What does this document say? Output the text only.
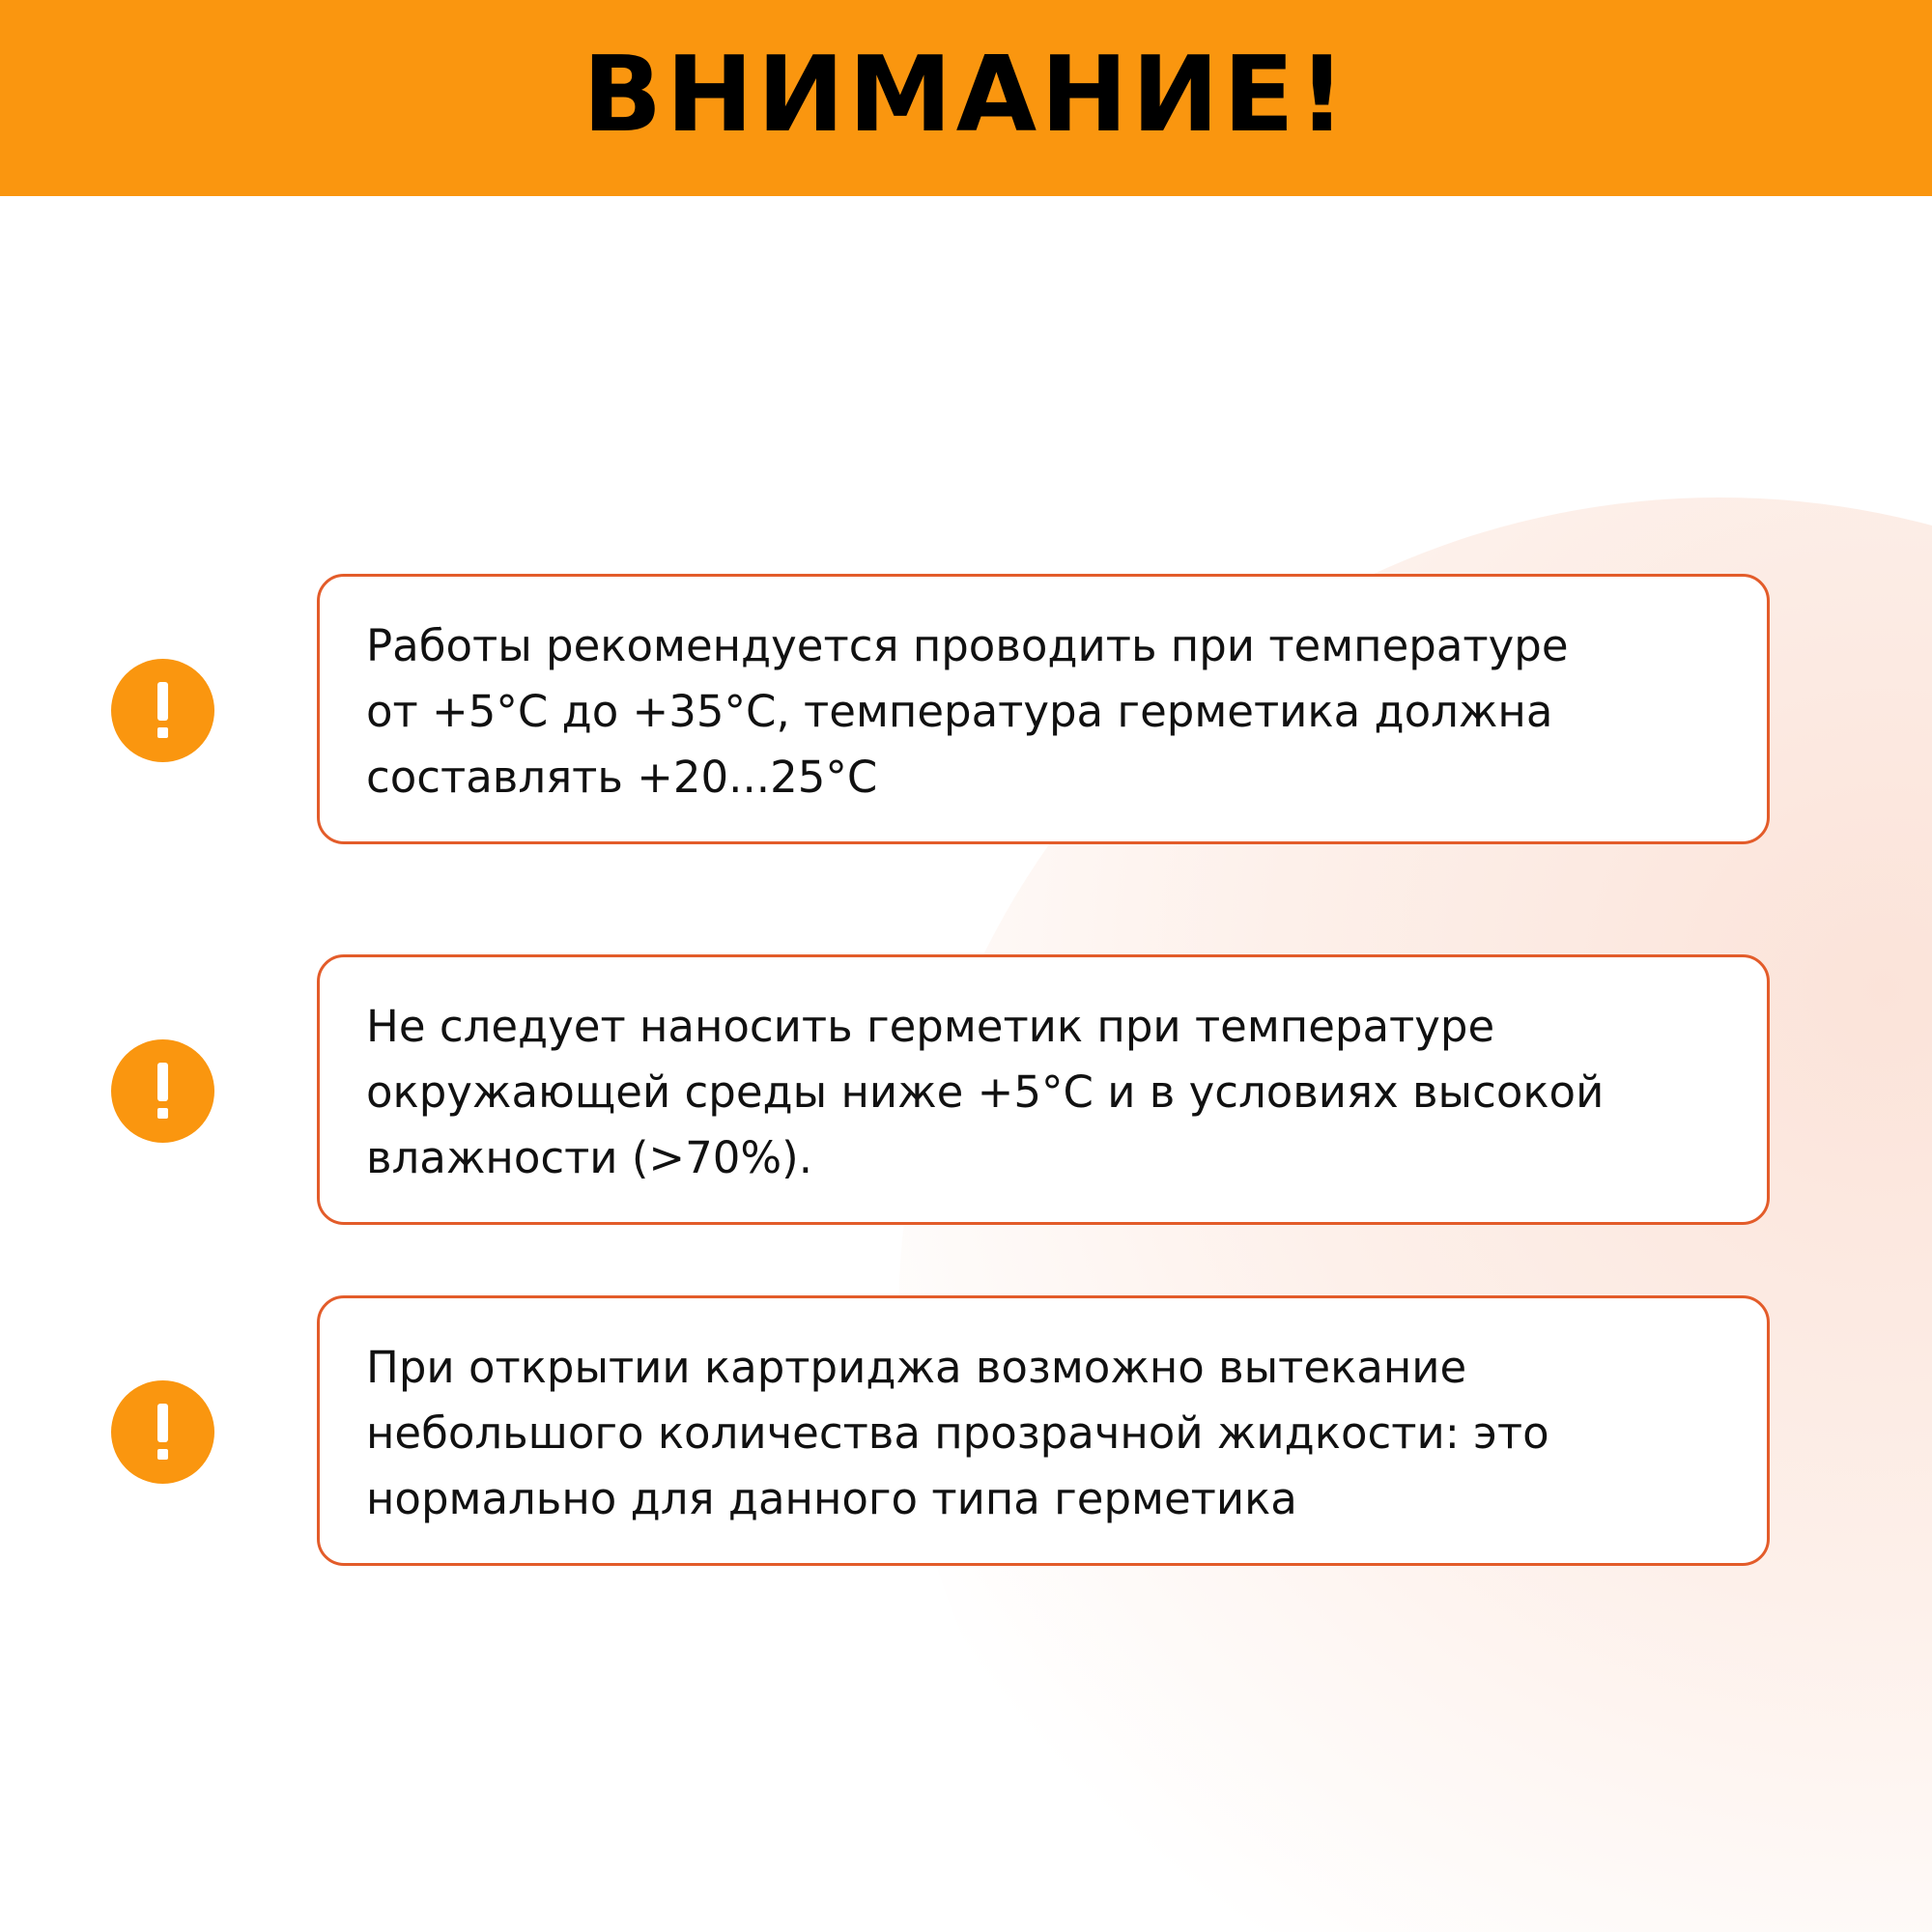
ВНИМАНИЕ!
Работы рекомендуется проводить при температуре
от +5°С до +35°С, температура герметика должна
составлять +20...25°С
Не следует наносить герметик при температуре
окружающей среды ниже +5°С и в условиях высокой
влажности (>70%).
При открытии картриджа возможно вытекание
небольшого количества прозрачной жидкости: это
нормально для данного типа герметика
